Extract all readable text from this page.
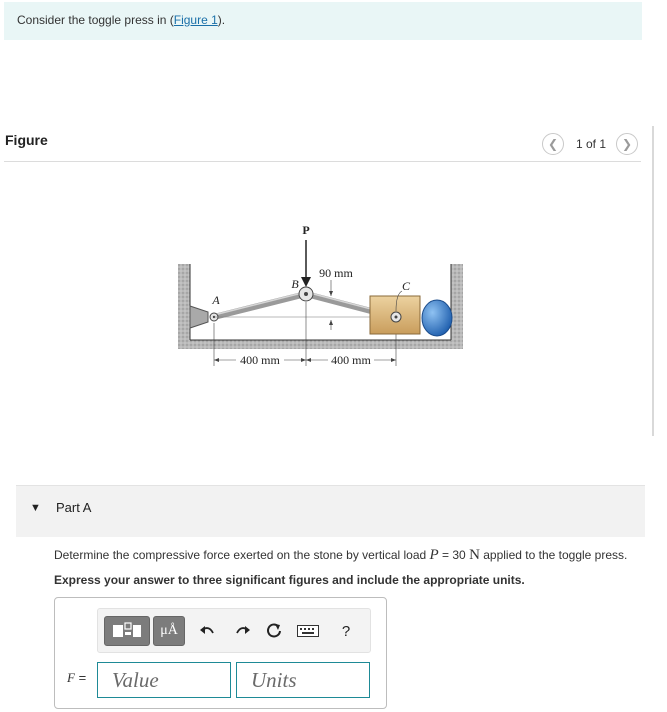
Consider the toggle press in (Figure 1).

Figure	❮	1 of 1	❯
400 mm	400 mm
90 mm
P
A
B	C
▼ Part A

Determine the compressive force exerted on the stone by vertical load P = 30 N applied to the toggle press.

Express your answer to three significant figures and include the appropriate units.

μÅ	?
F =
Value
Units
